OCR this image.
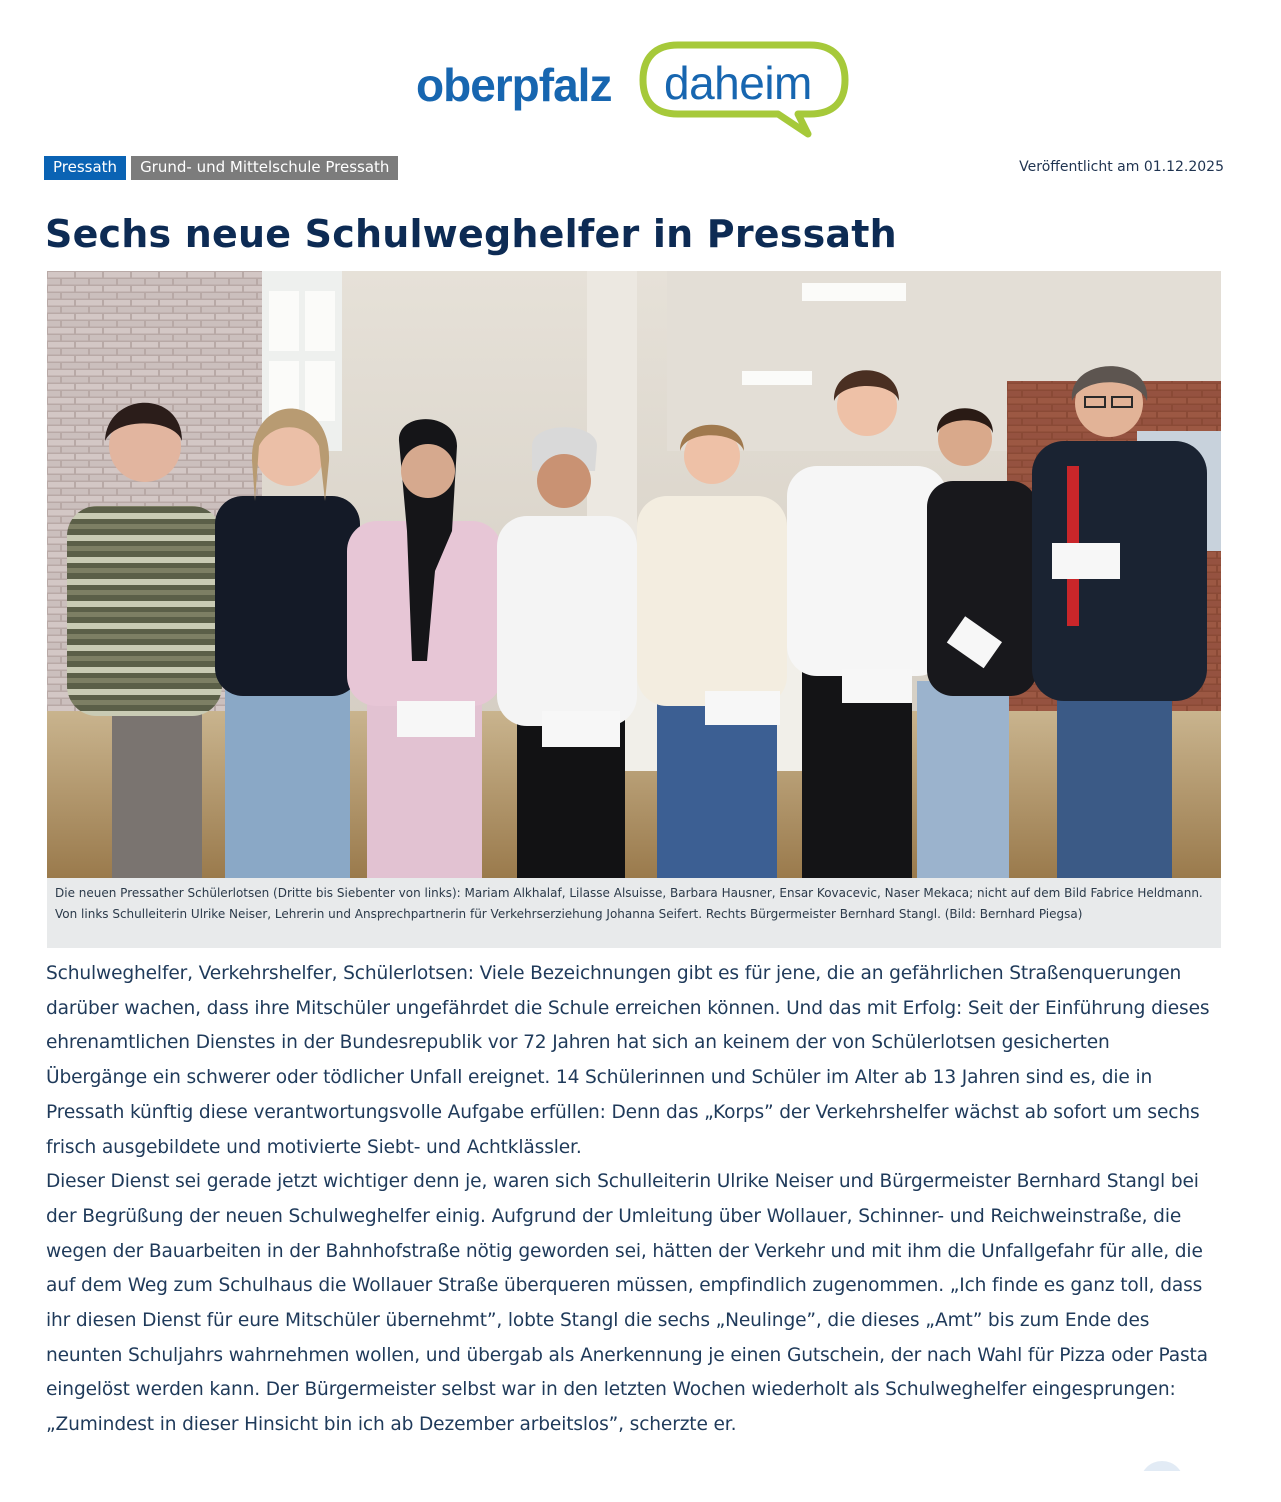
oberpfalz daheim
Pressath	Grund- und Mittelschule Pressath	Veröffentlicht am 01.12.2025
Sechs neue Schulweghelfer in Pressath
Die neuen Pressather Schülerlotsen (Dritte bis Siebenter von links): Mariam Alkhalaf, Lilasse Alsuisse, Barbara Hausner, Ensar Kovacevic, Naser Mekaca; nicht auf dem Bild Fabrice Heldmann. Von links Schulleiterin Ulrike Neiser, Lehrerin und Ansprechpartnerin für Verkehrserziehung Johanna Seifert. Rechts Bürgermeister Bernhard Stangl. (Bild: Bernhard Piegsa)

Schulweghelfer, Verkehrshelfer, Schülerlotsen: Viele Bezeichnungen gibt es für jene, die an gefährlichen Straßenquerungen darüber wachen, dass ihre Mitschüler ungefährdet die Schule erreichen können. Und das mit Erfolg: Seit der Einführung dieses ehrenamtlichen Dienstes in der Bundesrepublik vor 72 Jahren hat sich an keinem der von Schülerlotsen gesicherten Übergänge ein schwerer oder tödlicher Unfall ereignet. 14 Schülerinnen und Schüler im Alter ab 13 Jahren sind es, die in Pressath künftig diese verantwortungsvolle Aufgabe erfüllen: Denn das „Korps” der Verkehrshelfer wächst ab sofort um sechs frisch ausgebildete und motivierte Siebt- und Achtklässler.

Dieser Dienst sei gerade jetzt wichtiger denn je, waren sich Schulleiterin Ulrike Neiser und Bürgermeister Bernhard Stangl bei der Begrüßung der neuen Schulweghelfer einig. Aufgrund der Umleitung über Wollauer, Schinner- und Reichweinstraße, die wegen der Bauarbeiten in der Bahnhofstraße nötig geworden sei, hätten der Verkehr und mit ihm die Unfallgefahr für alle, die auf dem Weg zum Schulhaus die Wollauer Straße überqueren müssen, empfindlich zugenommen. „Ich finde es ganz toll, dass ihr diesen Dienst für eure Mitschüler übernehmt”, lobte Stangl die sechs „Neulinge”, die dieses „Amt” bis zum Ende des neunten Schuljahrs wahrnehmen wollen, und übergab als Anerkennung je einen Gutschein, der nach Wahl für Pizza oder Pasta eingelöst werden kann. Der Bürgermeister selbst war in den letzten Wochen wiederholt als Schulweghelfer eingesprungen: „Zumindest in dieser Hinsicht bin ich ab Dezember arbeitslos”, scherzte er.
